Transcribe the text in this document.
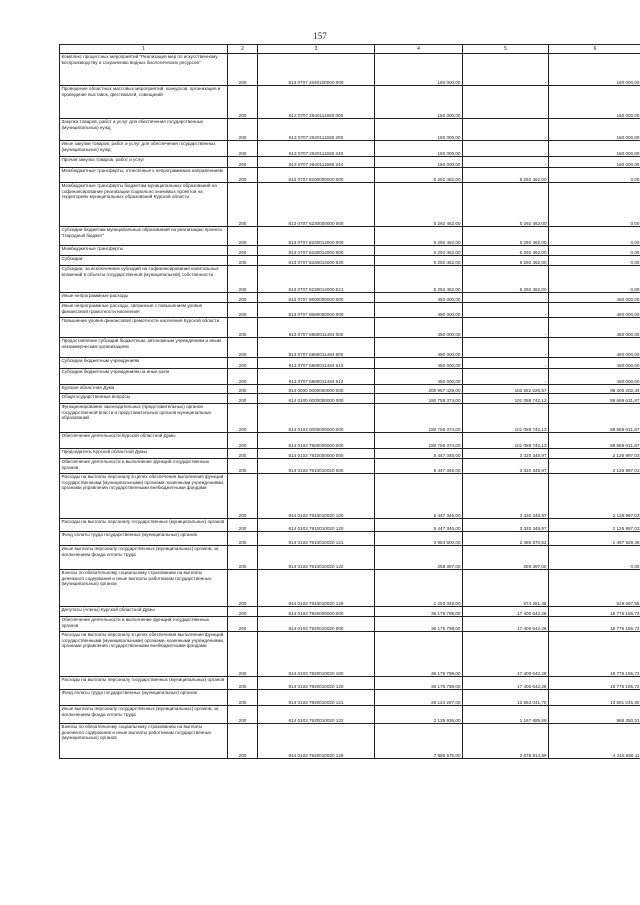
157
1	2	3	4	5	6
Комплекс процессных мероприятий "Реализация мер по искусственному воспроизводству и сохранению водных биологических ресурсов"	200	813 0707 2640100000 000	160 000,00	-	160 000,00
Проведение областных массовых мероприятий, конкурсов, организация и проведение выставок, фестивалей, совещаний	200	813 0707 2640111660 000	160 000,00	-	160 000,00
Закупка товаров, работ и услуг для обеспечения государственных (муниципальных) нужд	200	813 0707 2640111660 200	160 000,00	-	160 000,00
Иные закупки товаров, работ и услуг для обеспечения государственных (муниципальных) нужд	200	813 0707 2640111660 240	160 000,00	-	160 000,00
Прочая закупка товаров, работ и услуг	200	813 0707 2640111660 244	160 000,00	-	160 000,00
Межбюджетные трансферты, отнесенные к непрограммным направлениям	200	813 0707 8200000000 000	5 292 462,00	5 292 462,00	0,00
Межбюджетные трансферты бюджетам муниципальных образований на софинансирование реализации социально значимых проектов на территориях муниципальных образований Курской области	200	813 0707 8230000000 000	5 292 462,00	5 292 462,00	0,00
Субсидии бюджетам муниципальных образований на реализацию проекта "Народный бюджет"	200	813 0707 8230014000 000	5 292 462,00	5 292 462,00	0,00
Межбюджетные трансферты	200	813 0707 8230014000 500	5 292 462,00	5 292 462,00	0,00
Субсидии	200	813 0707 8230014000 520	5 292 462,00	5 292 462,00	0,00
Субсидии, за исключением субсидий на софинансирование капитальных вложений в объекты государственной (муниципальной) собственности	200	813 0707 8230014000 521	5 292 462,00	5 292 462,00	0,00
Иные непрограммные расходы	200	813 0707 8600000000 000	450 000,00	-	450 000,00
Иные непрограммные расходы, связанные с повышением уровня финансовой грамотности населения	200	813 0707 8680000000 000	450 000,00	-	450 000,00
Повышение уровня финансовой грамотности населения Курской области	200	813 0707 8680011494 000	450 000,00	-	450 000,00
Предоставление субсидий бюджетным, автономным учреждениям и иным некоммерческим организациям	200	813 0707 8680011494 600	450 000,00	-	450 000,00
Субсидии бюджетным учреждениям	200	813 0707 8680011494 610	450 000,00	-	450 000,00
Субсидии бюджетным учреждениям на иные цели	200	813 0707 8680011494 612	450 000,00	-	450 000,00
Курская областная Дума	200	814 0000 0000000000 000	200 957 429,00	102 552 226,57	98 405 202,43
Общегосударственные вопросы	200	814 0100 0000000000 000	190 758 374,00	101 088 742,13	89 669 631,87
Функционирование законодательных (представительных) органов государственной власти и представительных органов муниципальных образований	200	814 0103 0000000000 000	190 758 374,00	101 088 742,13	89 669 631,87
Обеспечение деятельности Курской областной Думы	200	814 0103 7900000000 000	190 758 374,00	101 088 742,13	89 669 631,87
Председатель Курской областной Думы	200	814 0103 7910000000 000	5 447 346,00	3 320 348,97	2 126 997,03
Обеспечение деятельности и выполнение функций государственных органов	200	814 0103 7910010020 000	5 447 346,00	3 320 348,97	2 126 997,03
Расходы на выплаты персоналу в целях обеспечения выполнения функций государственными (муниципальными) органами, казенными учреждениями, органами управления государственными внебюджетными фондами	200	814 0103 7910010020 100	5 447 346,00	3 320 348,97	2 126 997,03
Расходы на выплаты персоналу государственных (муниципальных) органов	200	814 0103 7910010020 120	5 447 346,00	3 320 348,97	2 126 997,03
Фонд оплаты труда государственных (муниципальных) органов	200	814 0103 7910010020 121	3 984 600,00	2 486 670,52	1 497 929,48
Иные выплаты персоналу государственных (муниципальных) органов, за исключением фонда оплаты труда	200	814 0103 7910010020 122	259 397,00	259 397,00	0,00
Взносы по обязательному социальному страхованию на выплаты денежного содержания и иные выплаты работникам государственных (муниципальных) органов	200	814 0103 7910010020 129	1 203 349,00	574 281,45	629 067,55
Депутаты (члены) Курской областной Думы	200	814 0103 7920000000 000	36 175 798,00	17 400 642,28	18 775 155,72
Обеспечение деятельности и выполнение функций государственных органов	200	814 0103 7920010020 000	36 175 798,00	17 400 642,28	18 775 155,72
Расходы на выплаты персоналу в целях обеспечения выполнения функций государственными (муниципальными) органами, казенными учреждениями, органами управления государственными внебюджетными фондами	200	814 0103 7920010020 100	36 175 798,00	17 400 642,28	18 775 155,72
Расходы на выплаты персоналу государственных (муниципальных) органов	200	814 0103 7920010020 120	36 175 798,00	17 400 642,28	18 775 155,72
Фонд оплаты труда государственных (муниципальных) органов	200	814 0103 7920010020 121	26 144 287,00	12 553 041,70	13 591 245,30
Иные выплаты персоналу государственных (муниципальных) органов, за исключением фонда оплаты труда	200	814 0103 7920010020 122	2 135 936,00	1 167 685,69	968 250,31
Взносы по обязательному социальному страхованию на выплаты денежного содержания и иные выплаты работникам государственных (муниципальных) органов	200	814 0103 7920010020 129	7 895 575,00	3 679 914,89	4 215 660,11
